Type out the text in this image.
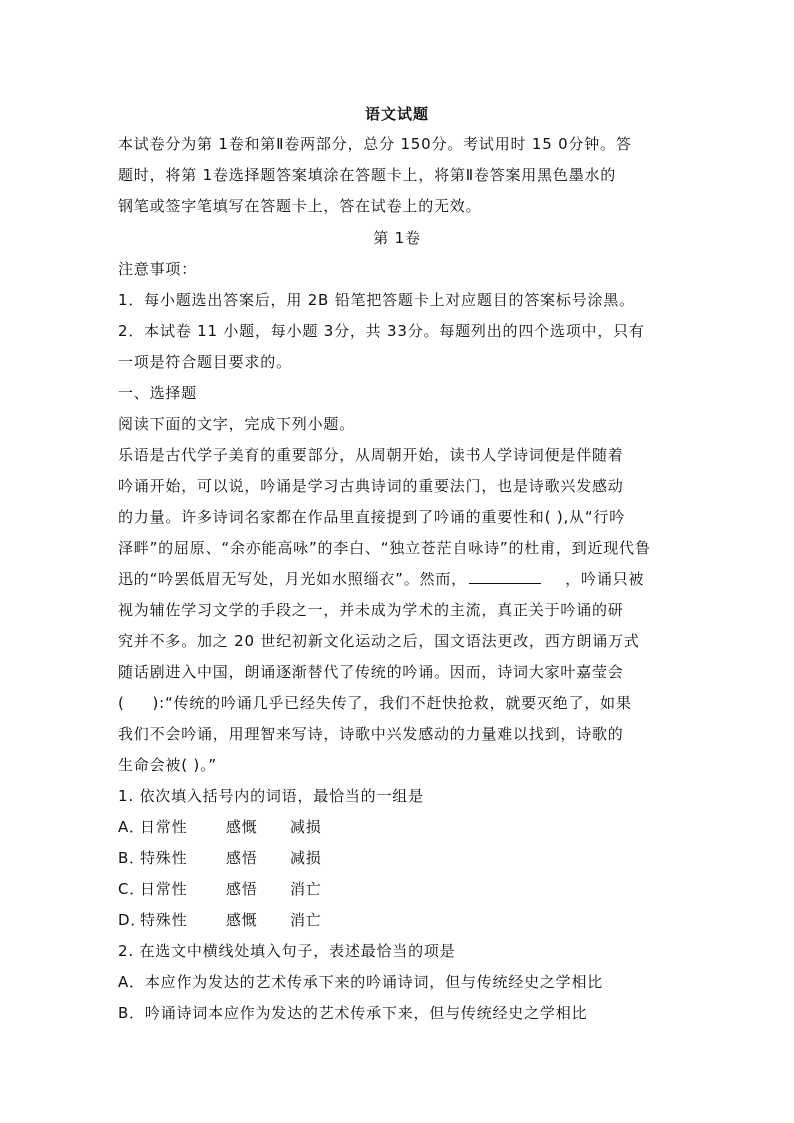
语文试题
本试卷分为第 1卷和第Ⅱ卷两部分，总分 150分。考试用时 15 0分钟。答
题时，将第 1卷选择题答案填涂在答题卡上，将第Ⅱ卷答案用黑色墨水的
钢笔或签字笔填写在答题卡上，答在试卷上的无效。
第 1卷
注意事项：
1．每小题选出答案后，用 2B 铅笔把答题卡上对应题目的答案标号涂黑。
2．本试卷 11 小题，每小题 3分，共 33分。每题列出的四个选项中，只有
一项是符合题目要求的。
一、选择题
阅读下面的文字，完成下列小题。
乐语是古代学子美育的重要部分，从周朝开始，读书人学诗词便是伴随着
吟诵开始，可以说，吟诵是学习古典诗词的重要法门，也是诗歌兴发感动
的力量。许多诗词名家都在作品里直接提到了吟诵的重要性和( ),从“行吟
泽畔”的屈原、“余亦能高咏”的李白、“独立苍茫自咏诗”的杜甫，到近现代鲁
迅的“吟罢低眉无写处，月光如水照缁衣”。然而，	，吟诵只被
视为辅佐学习文学的手段之一，并未成为学术的主流，真正关于吟诵的研
究并不多。加之 20 世纪初新文化运动之后，国文语法更改，西方朗诵万式
随话剧进入中国，朗诵逐渐替代了传统的吟诵。因而，诗词大家叶嘉莹会
(     ):“传统的吟诵几乎已经失传了，我们不赶快抢救，就要灭绝了，如果
我们不会吟诵，用理智来写诗，诗歌中兴发感动的力量难以找到，诗歌的
生命会被( )。”
1. 依次填入括号内的词语，最恰当的一组是
A．
日常性	感慨 减损
B．
特殊性	感悟 减损
C．
日常性	感悟 消亡
D．
特殊性	感慨 消亡
2. 在选文中横线处填入句子，表述最恰当的项是
A．本应作为发达的艺术传承下来的吟诵诗词，但与传统经史之学相比
B．吟诵诗词本应作为发达的艺术传承下来，但与传统经史之学相比
